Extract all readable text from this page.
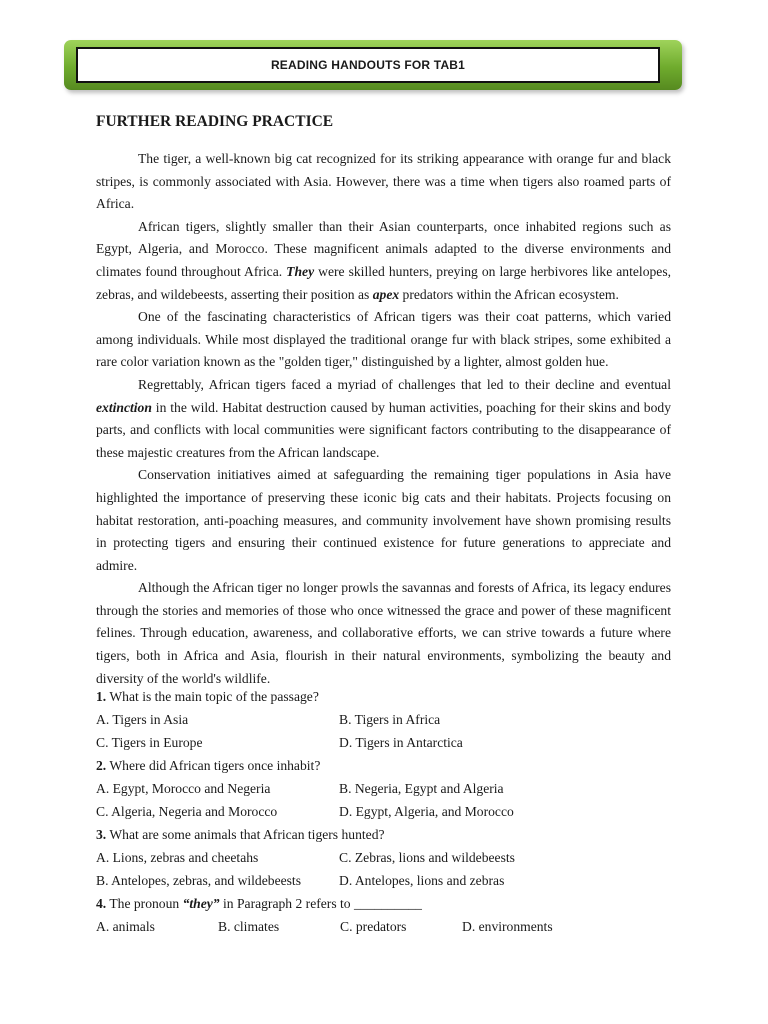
READING HANDOUTS FOR TAB1
FURTHER READING PRACTICE

The tiger, a well-known big cat recognized for its striking appearance with orange fur and black stripes, is commonly associated with Asia. However, there was a time when tigers also roamed parts of Africa.

African tigers, slightly smaller than their Asian counterparts, once inhabited regions such as Egypt, Algeria, and Morocco. These magnificent animals adapted to the diverse environments and climates found throughout Africa. They were skilled hunters, preying on large herbivores like antelopes, zebras, and wildebeests, asserting their position as apex predators within the African ecosystem.

One of the fascinating characteristics of African tigers was their coat patterns, which varied among individuals. While most displayed the traditional orange fur with black stripes, some exhibited a rare color variation known as the "golden tiger," distinguished by a lighter, almost golden hue.

Regrettably, African tigers faced a myriad of challenges that led to their decline and eventual extinction in the wild. Habitat destruction caused by human activities, poaching for their skins and body parts, and conflicts with local communities were significant factors contributing to the disappearance of these majestic creatures from the African landscape.

Conservation initiatives aimed at safeguarding the remaining tiger populations in Asia have highlighted the importance of preserving these iconic big cats and their habitats. Projects focusing on habitat restoration, anti-poaching measures, and community involvement have shown promising results in protecting tigers and ensuring their continued existence for future generations to appreciate and admire.

Although the African tiger no longer prowls the savannas and forests of Africa, its legacy endures through the stories and memories of those who once witnessed the grace and power of these magnificent felines. Through education, awareness, and collaborative efforts, we can strive towards a future where tigers, both in Africa and Asia, flourish in their natural environments, symbolizing the beauty and diversity of the world's wildlife.

1. What is the main topic of the passage?
A. Tigers in Asia	B. Tigers in Africa
C. Tigers in Europe	D. Tigers in Antarctica
2. Where did African tigers once inhabit?
A. Egypt, Morocco and Negeria	B. Negeria, Egypt and Algeria
C. Algeria, Negeria and Morocco	D. Egypt, Algeria, and Morocco
3. What are some animals that African tigers hunted?
A. Lions, zebras and cheetahs	C. Zebras, lions and wildebeests
B. Antelopes, zebras, and wildebeests	D. Antelopes, lions and zebras
4. The pronoun “they” in Paragraph 2 refers to __________
A. animals	B. climates	C. predators	D. environments
